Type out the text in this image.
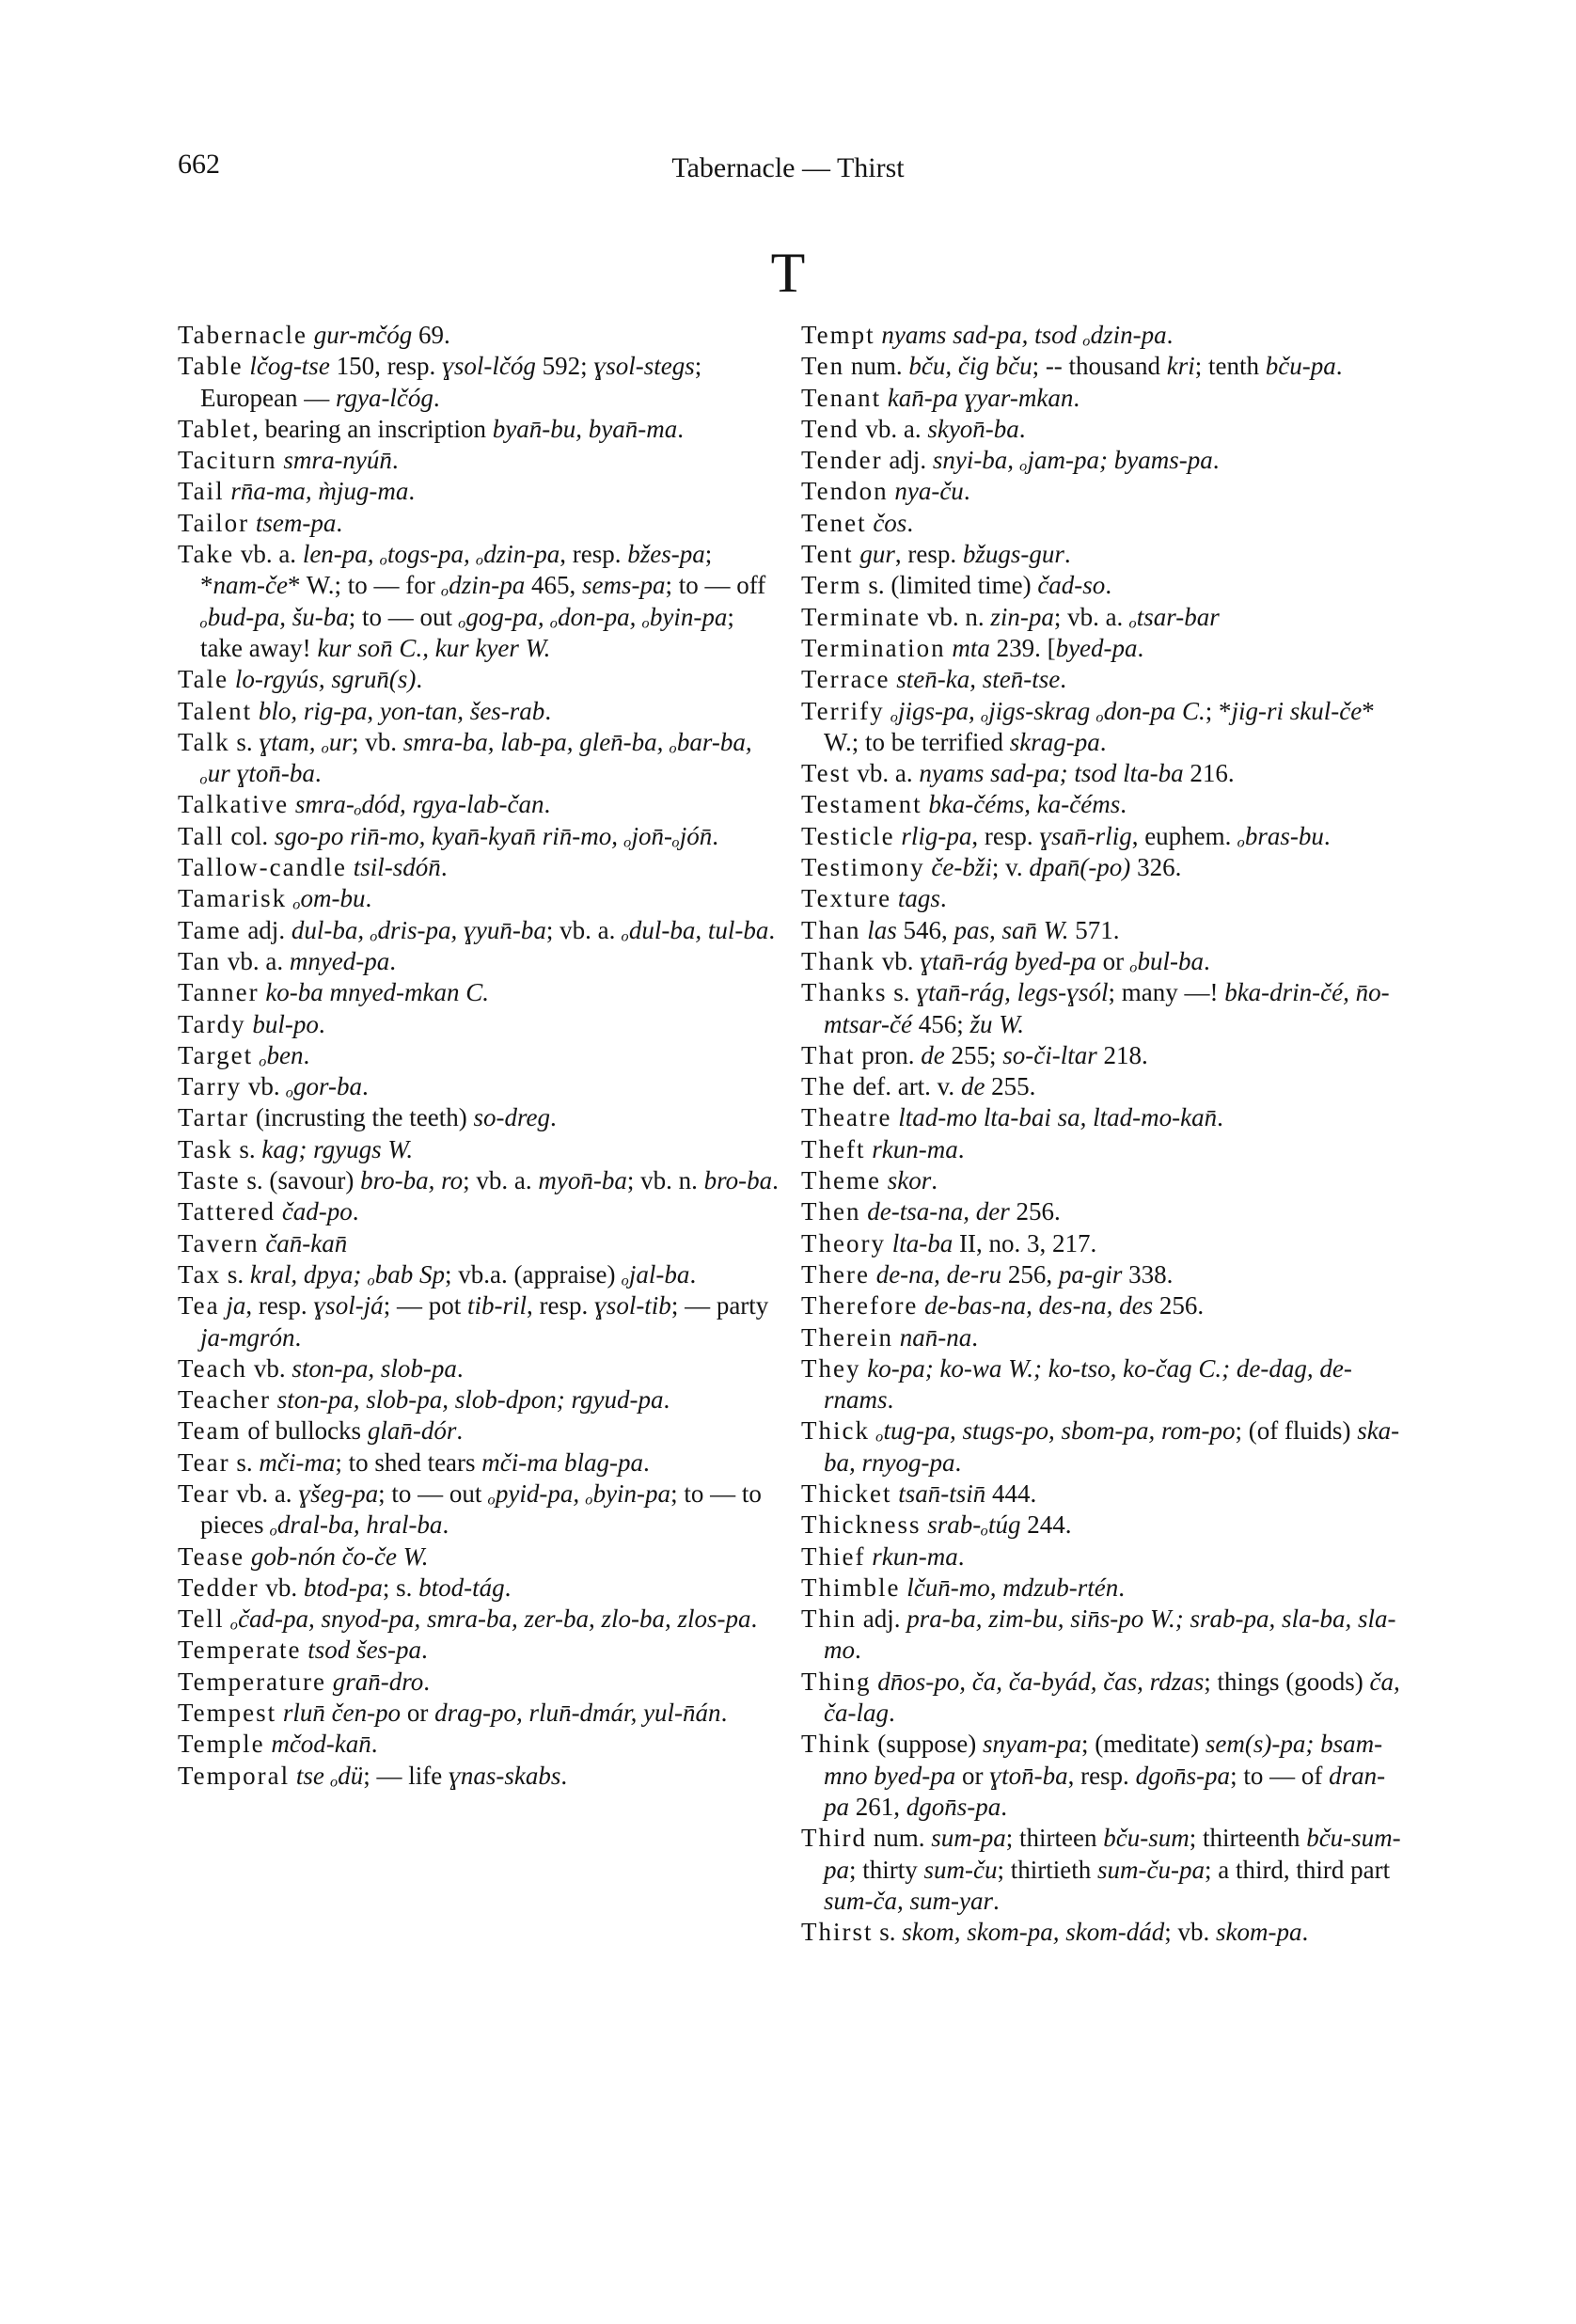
662	Tabernacle — Thirst
T

Tabernacle gur-mčóg 69.

Table lčog-tse 150, resp. ɣsol-lčóg 592; ɣsol-stegs; European — rgya-lčóg.

Tablet, bearing an inscription byan̄-bu, byan̄-ma.

Taciturn smra-nyún̄.

Tail rn̄a-ma, m̀jug-ma.

Tailor tsem-pa.

Take vb. a. len-pa, ₒtogs-pa, ₒdzin-pa, resp. bžes-pa; *nam-če* W.; to — for ₒdzin-pa 465, sems-pa; to — off ₒbud-pa, šu-ba; to — out ₒgog-pa, ₒdon-pa, ₒbyin-pa; take away! kur son̄ C., kur kyer W.

Tale lo-rgyús, sgrun̄(s).

Talent blo, rig-pa, yon-tan, šes-rab.

Talk s. ɣtam, ₒur; vb. smra-ba, lab-pa, glen̄-ba, ₒbar-ba, ₒur ɣton̄-ba.

Talkative smra-ₒdód, rgya-lab-čan.

Tall col. sgo-po rin̄-mo, kyan̄-kyan̄ rin̄-mo, ₒjon̄-ₒjón̄.

Tallow-candle tsil-sdón̄.

Tamarisk ₒom-bu.

Tame adj. dul-ba, ₒdris-pa, ɣyun̄-ba; vb. a. ₒdul-ba, tul-ba.

Tan vb. a. mnyed-pa.

Tanner ko-ba mnyed-mkan C.

Tardy bul-po.

Target ₒben.

Tarry vb. ₒgor-ba.

Tartar (incrusting the teeth) so-dreg.

Task s. kag; rgyugs W.

Taste s. (savour) bro-ba, ro; vb. a. myon̄-ba; vb. n. bro-ba.

Tattered čad-po.

Tavern čan̄-kan̄

Tax s. kral, dpya; ₒbab Sp; vb.a. (appraise) ₒjal-ba.

Tea ja, resp. ɣsol-já; — pot tib-ril, resp. ɣsol-tib; — party ja-mgrón.

Teach vb. ston-pa, slob-pa.

Teacher ston-pa, slob-pa, slob-dpon; rgyud-pa.

Team of bullocks glan̄-dór.

Tear s. mči-ma; to shed tears mči-ma blag-pa.

Tear vb. a. ɣšeg-pa; to — out ₒpyid-pa, ₒbyin-pa; to — to pieces ₒdral-ba, hral-ba.

Tease gob-nón čo-če W.

Tedder vb. btod-pa; s. btod-tág.

Tell ₒčad-pa, snyod-pa, smra-ba, zer-ba, zlo-ba, zlos-pa.

Temperate tsod šes-pa.

Temperature gran̄-dro.

Tempest rlun̄ čen-po or drag-po, rlun̄-dmár, yul-n̄án.

Temple mčod-kan̄.

Temporal tse ₒdü; — life ɣnas-skabs.

Tempt nyams sad-pa, tsod ₒdzin-pa.

Ten num. bču, čig bču; -- thousand kri; tenth bču-pa.

Tenant kan̄-pa ɣyar-mkan.

Tend vb. a. skyon̄-ba.

Tender adj. snyi-ba, ₒjam-pa; byams-pa.

Tendon nya-ču.

Tenet čos.

Tent gur, resp. bžugs-gur.

Term s. (limited time) čad-so.

Terminate vb. n. zin-pa; vb. a. ₒtsar-bar

Termination mta 239. [byed-pa.

Terrace sten̄-ka, sten̄-tse.

Terrify ₒjigs-pa, ₒjigs-skrag ₒdon-pa C.; *jig-ri skul-če* W.; to be terrified skrag-pa.

Test vb. a. nyams sad-pa; tsod lta-ba 216.

Testament bka-čéms, ka-čéms.

Testicle rlig-pa, resp. ɣsan̄-rlig, euphem. ₒbras-bu.

Testimony če-bži; v. dpan̄(-po) 326.

Texture tags.

Than las 546, pas, san̄ W. 571.

Thank vb. ɣtan̄-rág byed-pa or ₒbul-ba.

Thanks s. ɣtan̄-rág, legs-ɣsól; many —! bka-drin-čé, n̄o-mtsar-čé 456; žu W.

That pron. de 255; so-či-ltar 218.

The def. art. v. de 255.

Theatre ltad-mo lta-bai sa, ltad-mo-kan̄.

Theft rkun-ma.

Theme skor.

Then de-tsa-na, der 256.

Theory lta-ba II, no. 3, 217.

There de-na, de-ru 256, pa-gir 338.

Therefore de-bas-na, des-na, des 256.

Therein nan̄-na.

They ko-pa; ko-wa W.; ko-tso, ko-čag C.; de-dag, de-rnams.

Thick ₒtug-pa, stugs-po, sbom-pa, rom-po; (of fluids) ska-ba, rnyog-pa.

Thicket tsan̄-tsin̄ 444.

Thickness srab-ₒtúg 244.

Thief rkun-ma.

Thimble lčun̄-mo, mdzub-rtén.

Thin adj. pra-ba, zim-bu, sin̄s-po W.; srab-pa, sla-ba, sla-mo.

Thing dn̄os-po, ča, ča-byád, čas, rdzas; things (goods) ča, ča-lag.

Think (suppose) snyam-pa; (meditate) sem(s)-pa; bsam-mno byed-pa or ɣton̄-ba, resp. dgon̄s-pa; to — of dran-pa 261, dgon̄s-pa.

Third num. sum-pa; thirteen bču-sum; thirteenth bču-sum-pa; thirty sum-ču; thirtieth sum-ču-pa; a third, third part sum-ča, sum-yar.

Thirst s. skom, skom-pa, skom-dád; vb. skom-pa.
